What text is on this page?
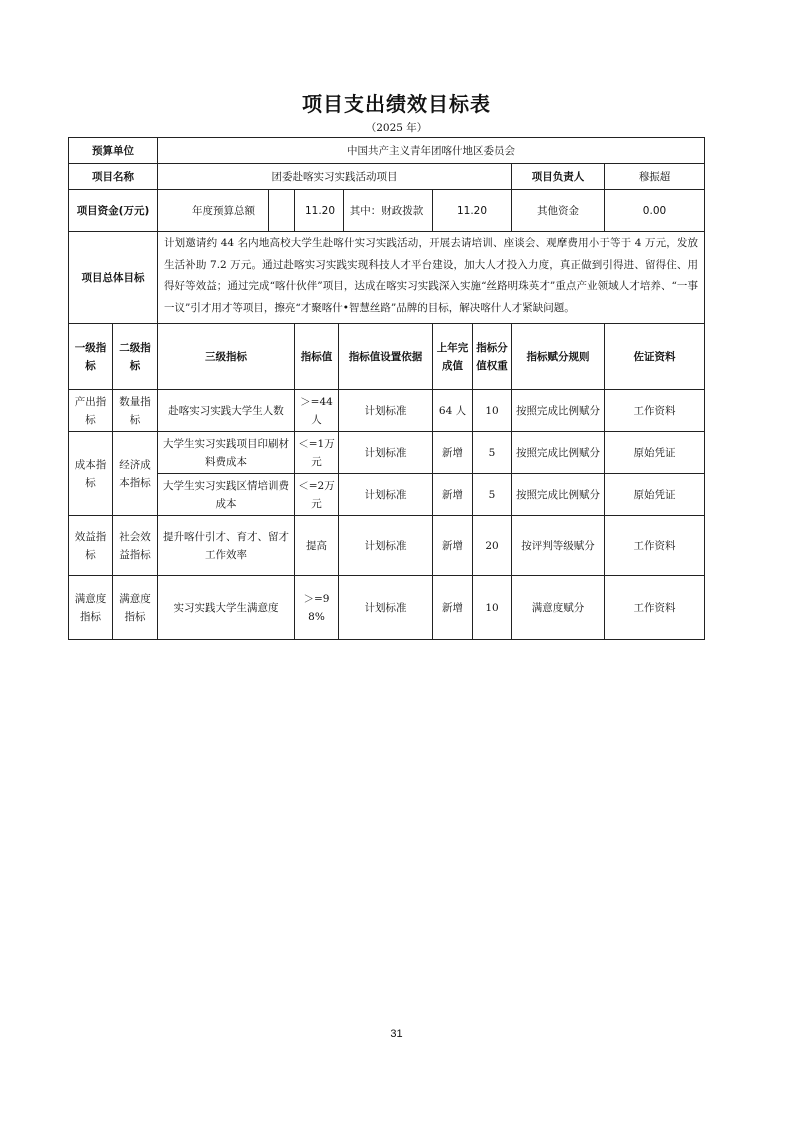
项目支出绩效目标表
（2025 年）
预算单位		中国共产主义青年团喀什地区委员会						
项目名称		团委赴喀实习实践活动项目					项目负责人	穆振超
项目资金(万元)		年度预算总额	11.20 其中：财政拨款		11.20		其他资金	0.00
项目总体目标		计划邀请约 44 名内地高校大学生赴喀什实习实践活动，开展去请培训、座谈会、观摩费用小于等于 4 万元，发放生活补助 7.2 万元。通过赴喀实习实践实现科技人才平台建设，加大人才投入力度，真正做到引得进、留得住、用得好等效益；通过完成“喀什伙伴”项目，达成在喀实习实践深入实施“丝路明珠英才”重点产业领域人才培养、“一事一议”引才用才等项目，擦亮“才聚喀什•智慧丝路”品牌的目标，解决喀什人才紧缺问题。						
一级指标	二级指标	三级指标	指标值	指标值设置依据	上年完成值	指标分值权重	指标赋分规则	佐证资料
产出指标	数量指标	赴喀实习实践大学生人数	＞=44人	计划标准	64 人	10	按照完成比例赋分	工作资料
成本指标	经济成本指标	大学生实习实践项目印刷材料费成本	＜=1万元	计划标准	新增	5	按照完成比例赋分	原始凭证
		大学生实习实践区情培训费成本	＜=2万元	计划标准	新增	5	按照完成比例赋分	原始凭证
效益指标	社会效益指标	提升喀什引才、育才、留才工作效率	提高	计划标准	新增	20	按评判等级赋分	工作资料
满意度指标	满意度指标	实习实践大学生满意度	＞=98%	计划标准	新增	10	满意度赋分	工作资料
31
